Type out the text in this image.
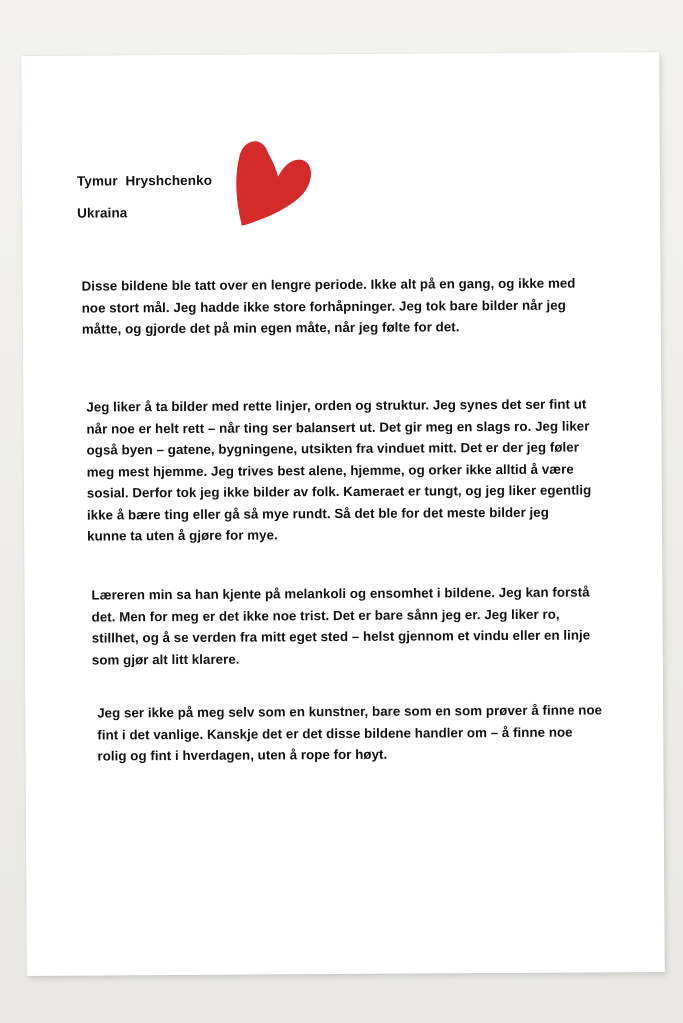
Tymur  Hryshchenko
Ukraina
Disse bildene ble tatt over en lengre periode. Ikke alt på en gang, og ikke med noe stort mål. Jeg hadde ikke store forhåpninger. Jeg tok bare bilder når jeg måtte, og gjorde det på min egen måte, når jeg følte for det.
Jeg liker å ta bilder med rette linjer, orden og struktur. Jeg synes det ser fint ut når noe er helt rett – når ting ser balansert ut. Det gir meg en slags ro. Jeg liker også byen – gatene, bygningene, utsikten fra vinduet mitt. Det er der jeg føler meg mest hjemme. Jeg trives best alene, hjemme, og orker ikke alltid å være sosial. Derfor tok jeg ikke bilder av folk. Kameraet er tungt, og jeg liker egentlig ikke å bære ting eller gå så mye rundt. Så det ble for det meste bilder jeg kunne ta uten å gjøre for mye.
Læreren min sa han kjente på melankoli og ensomhet i bildene. Jeg kan forstå det. Men for meg er det ikke noe trist. Det er bare sånn jeg er. Jeg liker ro, stillhet, og å se verden fra mitt eget sted – helst gjennom et vindu eller en linje som gjør alt litt klarere.
Jeg ser ikke på meg selv som en kunstner, bare som en som prøver å finne noe fint i det vanlige. Kanskje det er det disse bildene handler om – å finne noe rolig og fint i hverdagen, uten å rope for høyt.
